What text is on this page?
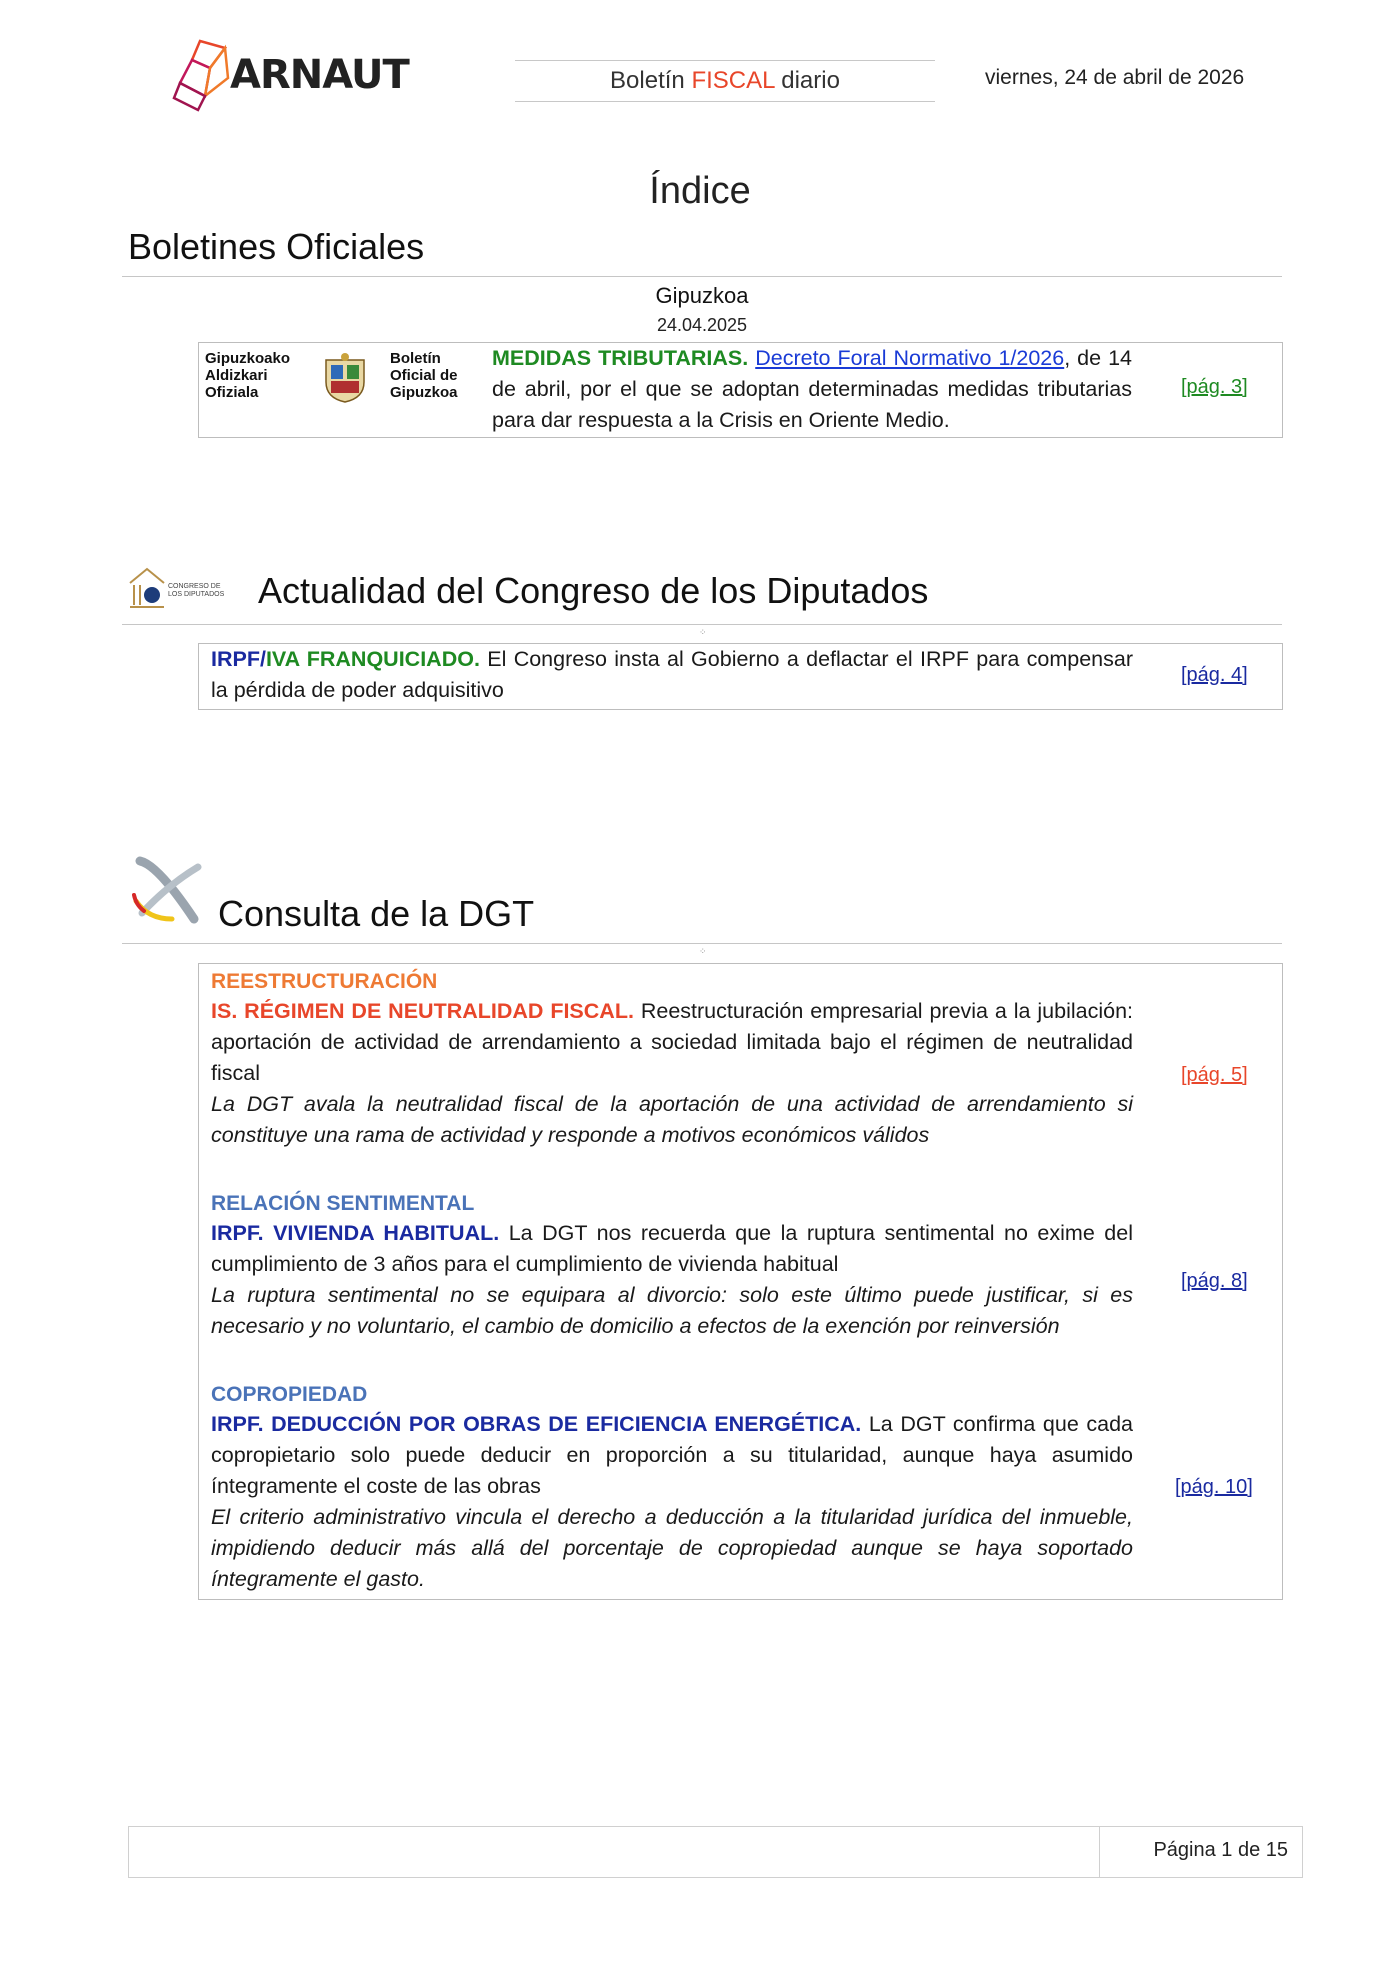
ARNAUT	Boletín FISCAL diario	viernes, 24 de abril de 2026
Índice
Boletines Oficiales
Gipuzkoa
24.04.2025
Gipuzkoako
Aldizkari
Ofiziala
Boletín
Oficial de
Gipuzkoa
MEDIDAS TRIBUTARIAS. Decreto Foral Normativo 1/2026, de 14 de abril, por el que se adoptan determinadas medidas tributarias para dar respuesta a la Crisis en Oriente Medio.
[pág. 3]
CONGRESO DE
LOS DIPUTADOS Actualidad del Congreso de los Diputados
⁘
IRPF/IVA FRANQUICIADO. El Congreso insta al Gobierno a deflactar el IRPF para compensar la pérdida de poder adquisitivo
[pág. 4]
Consulta de la DGT
⁘
REESTRUCTURACIÓN
IS. RÉGIMEN DE NEUTRALIDAD FISCAL. Reestructuración empresarial previa a la jubilación: aportación de actividad de arrendamiento a sociedad limitada bajo el régimen de neutralidad fiscal
La DGT avala la neutralidad fiscal de la aportación de una actividad de arrendamiento si constituye una rama de actividad y responde a motivos económicos válidos
[pág. 5]
RELACIÓN SENTIMENTAL
IRPF. VIVIENDA HABITUAL. La DGT nos recuerda que la ruptura sentimental no exime del cumplimiento de 3 años para el cumplimiento de vivienda habitual
La ruptura sentimental no se equipara al divorcio: solo este último puede justificar, si es necesario y no voluntario, el cambio de domicilio a efectos de la exención por reinversión
[pág. 8]
COPROPIEDAD
IRPF. DEDUCCIÓN POR OBRAS DE EFICIENCIA ENERGÉTICA. La DGT confirma que cada copropietario solo puede deducir en proporción a su titularidad, aunque haya asumido íntegramente el coste de las obras
El criterio administrativo vincula el derecho a deducción a la titularidad jurídica del inmueble, impidiendo deducir más allá del porcentaje de copropiedad aunque se haya soportado íntegramente el gasto.
[pág. 10]
Página 1 de 15
